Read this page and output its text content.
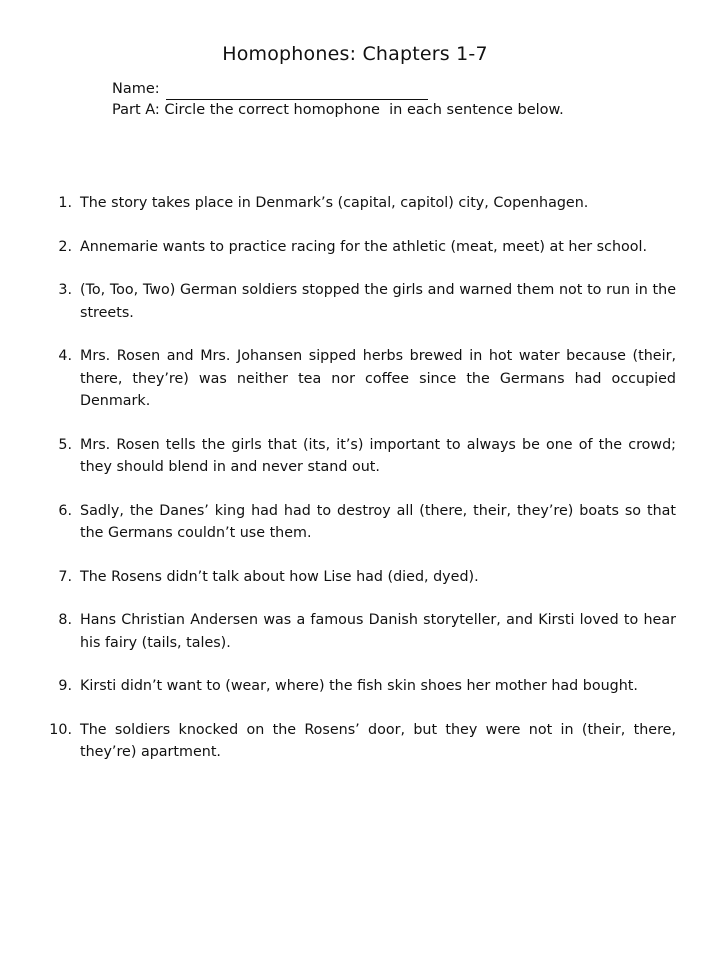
Homophones: Chapters 1-7
Name:
Part A: Circle the correct homophone  in each sentence below.
1. The story takes place in Denmark’s (capital, capitol) city, Copenhagen.
2. Annemarie wants to practice racing for the athletic (meat, meet) at her school.
3. (To, Too, Two) German soldiers stopped the girls and warned them not to run in the streets.
4. Mrs. Rosen and Mrs. Johansen sipped herbs brewed in hot water because (their, there, they’re) was neither tea nor coffee since the Germans had occupied Denmark.
5. Mrs. Rosen tells the girls that (its, it’s) important to always be one of the crowd; they should blend in and never stand out.
6. Sadly, the Danes’ king had had to destroy all (there, their, they’re) boats so that the Germans couldn’t use them.
7. The Rosens didn’t talk about how Lise had (died, dyed).
8. Hans Christian Andersen was a famous Danish storyteller, and Kirsti loved to hear his fairy (tails, tales).
9. Kirsti didn’t want to (wear, where) the fish skin shoes her mother had bought.
10. The soldiers knocked on the Rosens’ door, but they were not in (their, there, they’re) apartment.
